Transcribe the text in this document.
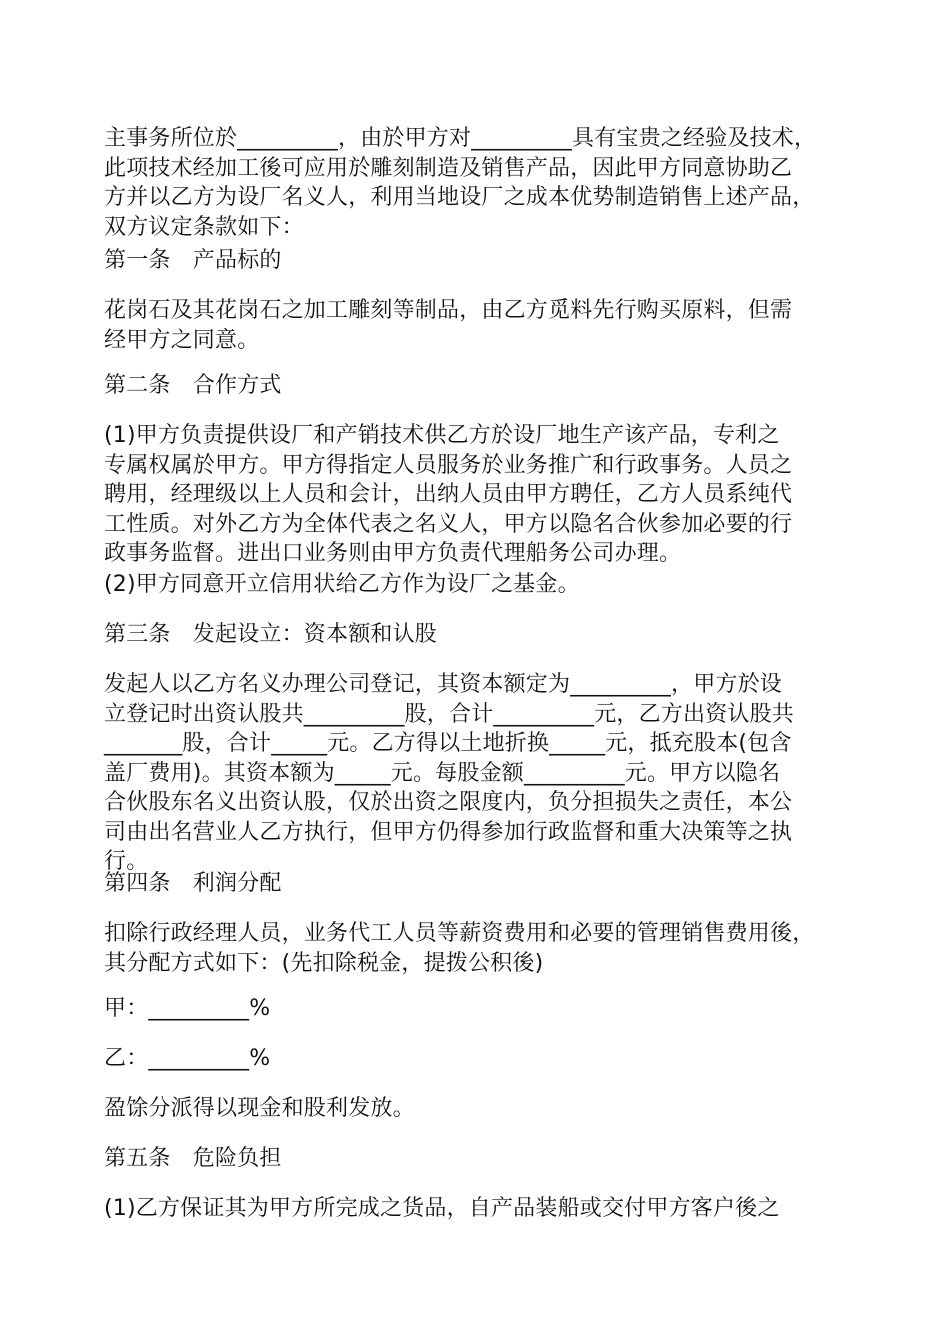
主事务所位於_________，由於甲方对_________具有宝贵之经验及技术，
此项技术经加工後可应用於雕刻制造及销售产品，因此甲方同意协助乙
方并以乙方为设厂名义人，利用当地设厂之成本优势制造销售上述产品，
双方议定条款如下：
第一条　产品标的
花岗石及其花岗石之加工雕刻等制品，由乙方觅料先行购买原料，但需
经甲方之同意。
第二条　合作方式
(1)甲方负责提供设厂和产销技术供乙方於设厂地生产该产品，专利之
专属权属於甲方。甲方得指定人员服务於业务推广和行政事务。人员之
聘用，经理级以上人员和会计，出纳人员由甲方聘任，乙方人员系纯代
工性质。对外乙方为全体代表之名义人，甲方以隐名合伙参加必要的行
政事务监督。进出口业务则由甲方负责代理船务公司办理。
(2)甲方同意开立信用状给乙方作为设厂之基金。
第三条　发起设立：资本额和认股
发起人以乙方名义办理公司登记，其资本额定为_________，甲方於设
立登记时出资认股共_________股，合计_________元，乙方出资认股共
_______股，合计_____元。乙方得以土地折换_____元，抵充股本(包含
盖厂费用)。其资本额为_____元。每股金额_________元。甲方以隐名
合伙股东名义出资认股，仅於出资之限度内，负分担损失之责任，本公
司由出名营业人乙方执行，但甲方仍得参加行政监督和重大决策等之执
行。
第四条　利润分配
扣除行政经理人员，业务代工人员等薪资费用和必要的管理销售费用後，
其分配方式如下：(先扣除税金，提拨公积後)
甲：_________%
乙：_________%
盈馀分派得以现金和股利发放。
第五条　危险负担
(1)乙方保证其为甲方所完成之货品，自产品装船或交付甲方客户後之
